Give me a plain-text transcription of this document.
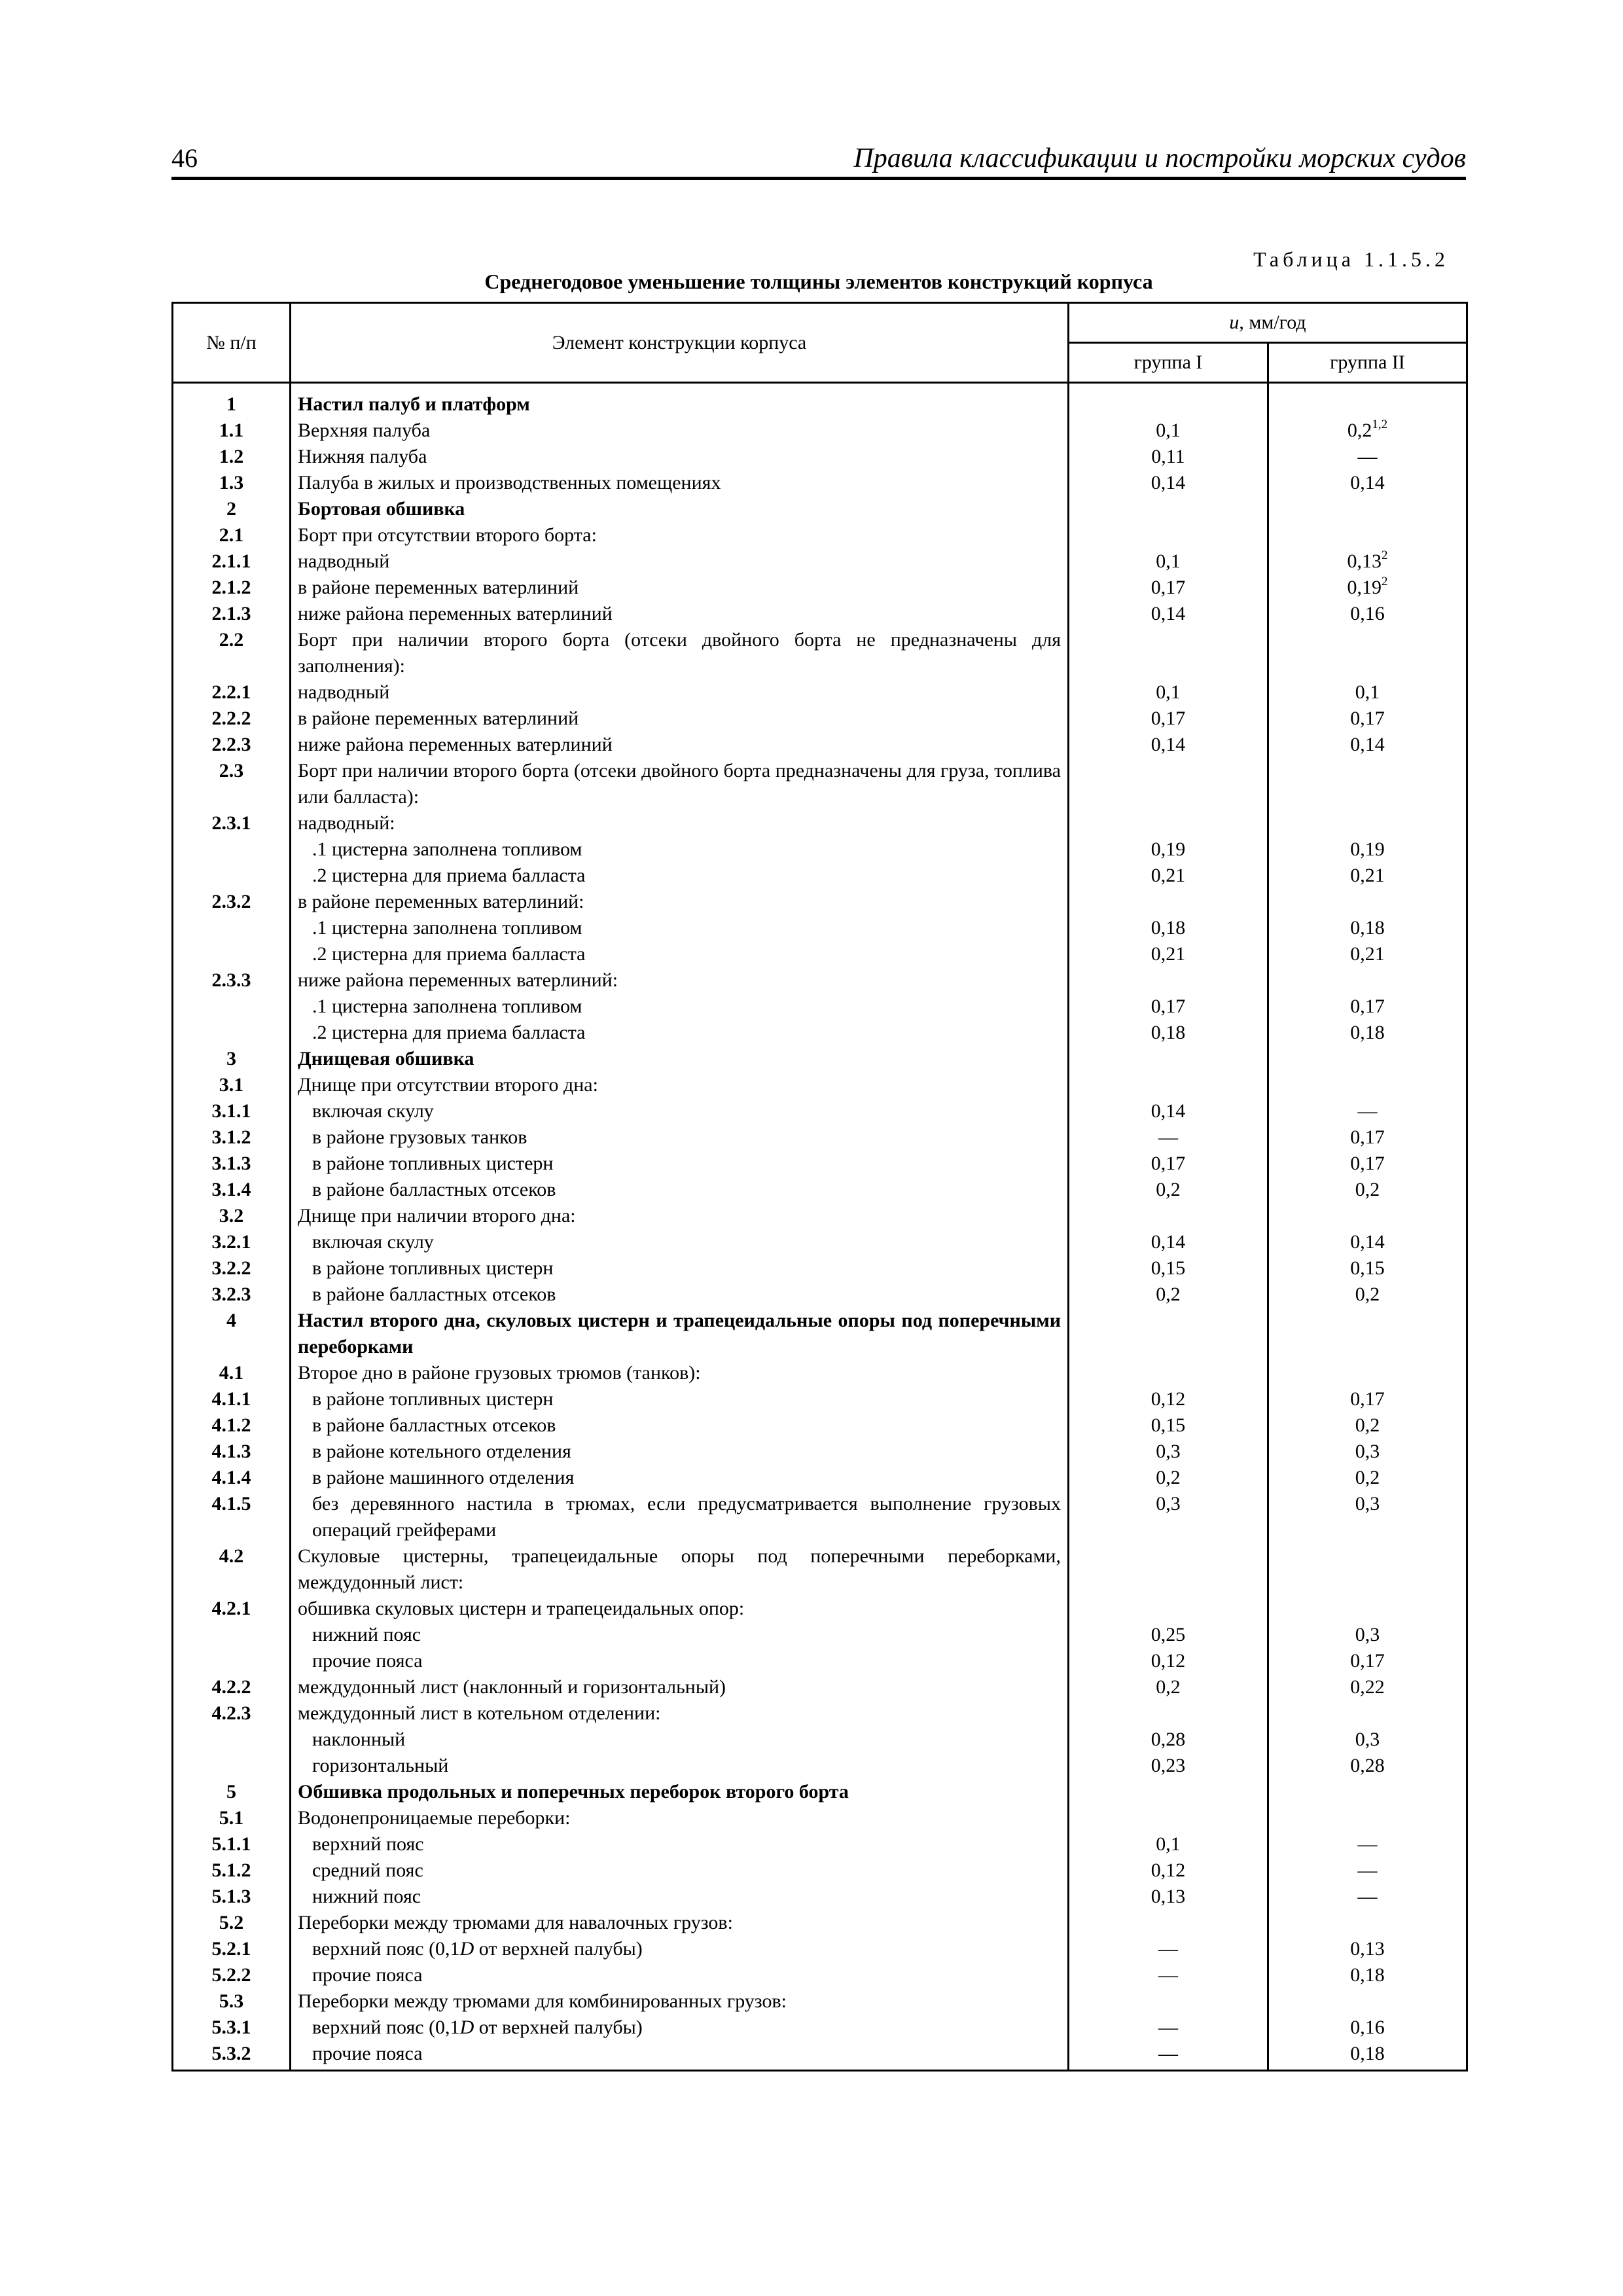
46	Правила классификации и постройки морских судов
Таблица 1.1.5.2
Среднегодовое уменьшение толщины элементов конструкций корпуса
№ п/п	Элемент конструкции корпуса	u, мм/год	
		группа I	группа II
1	Настил палуб и платформ		
1.1	Верхняя палуба	0,1	0,2$^{1,2}$
1.2	Нижняя палуба	0,11	—
1.3	Палуба в жилых и производственных помещениях	0,14	0,14
2	Бортовая обшивка		
2.1	Борт при отсутствии второго борта:		
2.1.1	надводный	0,1	0,13$^2$
2.1.2	в районе переменных ватерлиний	0,17	0,19$^2$
2.1.3	ниже района переменных ватерлиний	0,14	0,16
2.2	Борт при наличии второго борта (отсеки двойного борта не предназначены для заполнения):		
2.2.1	надводный	0,1	0,1
2.2.2	в районе переменных ватерлиний	0,17	0,17
2.2.3	ниже района переменных ватерлиний	0,14	0,14
2.3	Борт при наличии второго борта (отсеки двойного борта предназначены для груза, топлива или балласта):		
2.3.1	надводный:		
	.1 цистерна заполнена топливом	0,19	0,19
	.2 цистерна для приема балласта	0,21	0,21
2.3.2	в районе переменных ватерлиний:		
	.1 цистерна заполнена топливом	0,18	0,18
	.2 цистерна для приема балласта	0,21	0,21
2.3.3	ниже района переменных ватерлиний:		
	.1 цистерна заполнена топливом	0,17	0,17
	.2 цистерна для приема балласта	0,18	0,18
3	Днищевая обшивка		
3.1	Днище при отсутствии второго дна:		
3.1.1	включая скулу	0,14	—
3.1.2	в районе грузовых танков	—	0,17
3.1.3	в районе топливных цистерн	0,17	0,17
3.1.4	в районе балластных отсеков	0,2	0,2
3.2	Днище при наличии второго дна:		
3.2.1	включая скулу	0,14	0,14
3.2.2	в районе топливных цистерн	0,15	0,15
3.2.3	в районе балластных отсеков	0,2	0,2
4	Настил второго дна, скуловых цистерн и трапецеидальные опоры под поперечными переборками		
4.1	Второе дно в районе грузовых трюмов (танков):		
4.1.1	в районе топливных цистерн	0,12	0,17
4.1.2	в районе балластных отсеков	0,15	0,2
4.1.3	в районе котельного отделения	0,3	0,3
4.1.4	в районе машинного отделения	0,2	0,2
4.1.5	без деревянного настила в трюмах, если предусматривается выполнение грузовых операций грейферами	0,3	0,3
4.2	Скуловые цистерны, трапецеидальные опоры под поперечными переборками, междудонный лист:		
4.2.1	обшивка скуловых цистерн и трапецеидальных опор:		
	нижний пояс	0,25	0,3
	прочие пояса	0,12	0,17
4.2.2	междудонный лист (наклонный и горизонтальный)	0,2	0,22
4.2.3	междудонный лист в котельном отделении:		
	наклонный	0,28	0,3
	горизонтальный	0,23	0,28
5	Обшивка продольных и поперечных переборок второго борта		
5.1	Водонепроницаемые переборки:		
5.1.1	верхний пояс	0,1	—
5.1.2	средний пояс	0,12	—
5.1.3	нижний пояс	0,13	—
5.2	Переборки между трюмами для навалочных грузов:		
5.2.1	верхний пояс (0,1D от верхней палубы)	—	0,13
5.2.2	прочие пояса	—	0,18
5.3	Переборки между трюмами для комбинированных грузов:		
5.3.1	верхний пояс (0,1D от верхней палубы)	—	0,16
5.3.2	прочие пояса	—	0,18
